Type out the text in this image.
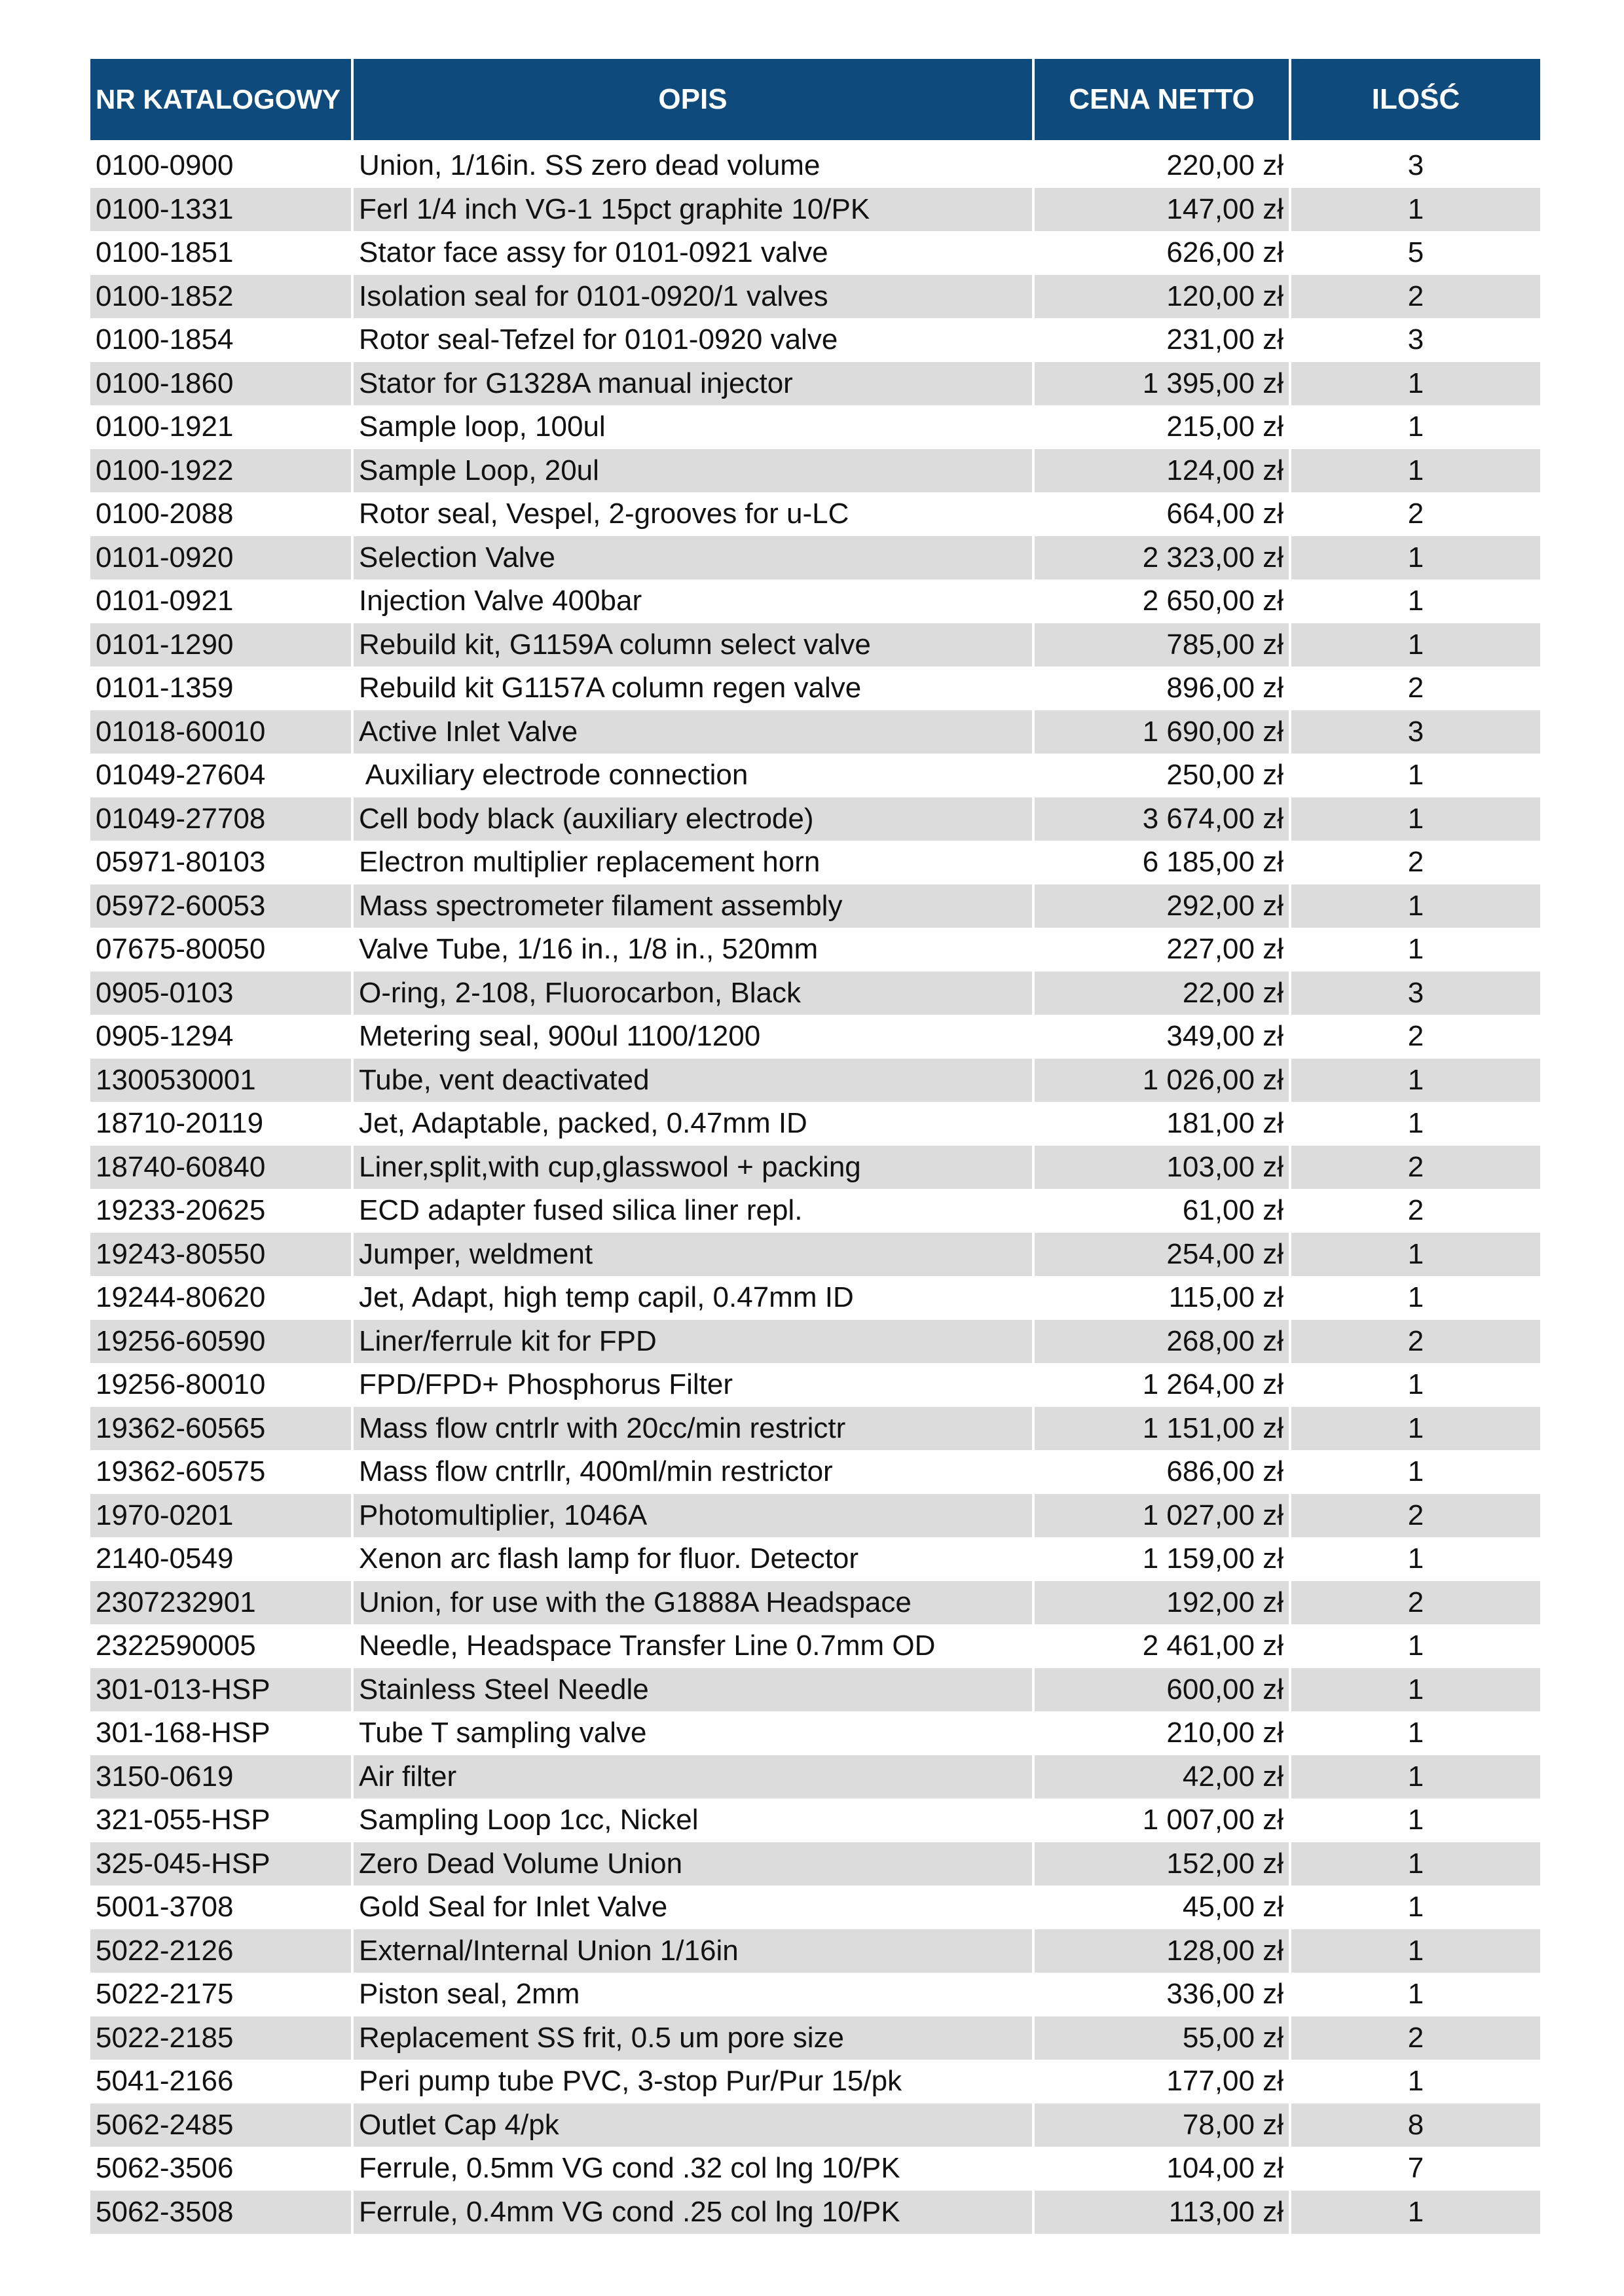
NR KATALOGOWY	OPIS	CENA NETTO	ILOŚĆ

0100-0900	Union, 1/16in. SS zero dead volume	220,00 zł	3
0100-1331	Ferl 1/4 inch VG-1 15pct graphite 10/PK	147,00 zł	1
0100-1851	Stator face assy for 0101-0921 valve	626,00 zł	5
0100-1852	Isolation seal for 0101-0920/1 valves	120,00 zł	2
0100-1854	Rotor seal-Tefzel for 0101-0920 valve	231,00 zł	3
0100-1860	Stator for G1328A manual injector	1 395,00 zł	1
0100-1921	Sample loop, 100ul	215,00 zł	1
0100-1922	Sample Loop, 20ul	124,00 zł	1
0100-2088	Rotor seal, Vespel, 2-grooves for u-LC	664,00 zł	2
0101-0920	Selection Valve	2 323,00 zł	1
0101-0921	Injection Valve 400bar	2 650,00 zł	1
0101-1290	Rebuild kit, G1159A column select valve	785,00 zł	1
0101-1359	Rebuild kit G1157A column regen valve	896,00 zł	2
01018-60010	Active Inlet Valve	1 690,00 zł	3
01049-27604	Auxiliary electrode connection	250,00 zł	1
01049-27708	Cell body black (auxiliary electrode)	3 674,00 zł	1
05971-80103	Electron multiplier replacement horn	6 185,00 zł	2
05972-60053	Mass spectrometer filament assembly	292,00 zł	1
07675-80050	Valve Tube, 1/16 in., 1/8 in., 520mm	227,00 zł	1
0905-0103	O-ring, 2-108, Fluorocarbon, Black	22,00 zł	3
0905-1294	Metering seal, 900ul 1100/1200	349,00 zł	2
1300530001	Tube, vent deactivated	1 026,00 zł	1
18710-20119	Jet, Adaptable, packed, 0.47mm ID	181,00 zł	1
18740-60840	Liner,split,with cup,glasswool + packing	103,00 zł	2
19233-20625	ECD adapter fused silica liner repl.	61,00 zł	2
19243-80550	Jumper, weldment	254,00 zł	1
19244-80620	Jet, Adapt, high temp capil, 0.47mm ID	115,00 zł	1
19256-60590	Liner/ferrule kit for FPD	268,00 zł	2
19256-80010	FPD/FPD+ Phosphorus Filter	1 264,00 zł	1
19362-60565	Mass flow cntrlr with 20cc/min restrictr	1 151,00 zł	1
19362-60575	Mass flow cntrllr, 400ml/min restrictor	686,00 zł	1
1970-0201	Photomultiplier, 1046A	1 027,00 zł	2
2140-0549	Xenon arc flash lamp for fluor. Detector	1 159,00 zł	1
2307232901	Union, for use with the G1888A Headspace	192,00 zł	2
2322590005	Needle, Headspace Transfer Line 0.7mm OD	2 461,00 zł	1
301-013-HSP	Stainless Steel Needle	600,00 zł	1
301-168-HSP	Tube T sampling valve	210,00 zł	1
3150-0619	Air filter	42,00 zł	1
321-055-HSP	Sampling Loop 1cc, Nickel	1 007,00 zł	1
325-045-HSP	Zero Dead Volume Union	152,00 zł	1
5001-3708	Gold Seal for Inlet Valve	45,00 zł	1
5022-2126	External/Internal Union 1/16in	128,00 zł	1
5022-2175	Piston seal, 2mm	336,00 zł	1
5022-2185	Replacement SS frit, 0.5 um pore size	55,00 zł	2
5041-2166	Peri pump tube PVC, 3-stop Pur/Pur 15/pk	177,00 zł	1
5062-2485	Outlet Cap 4/pk	78,00 zł	8
5062-3506	Ferrule, 0.5mm VG cond .32 col lng 10/PK	104,00 zł	7
5062-3508	Ferrule, 0.4mm VG cond .25 col lng 10/PK	113,00 zł	1
